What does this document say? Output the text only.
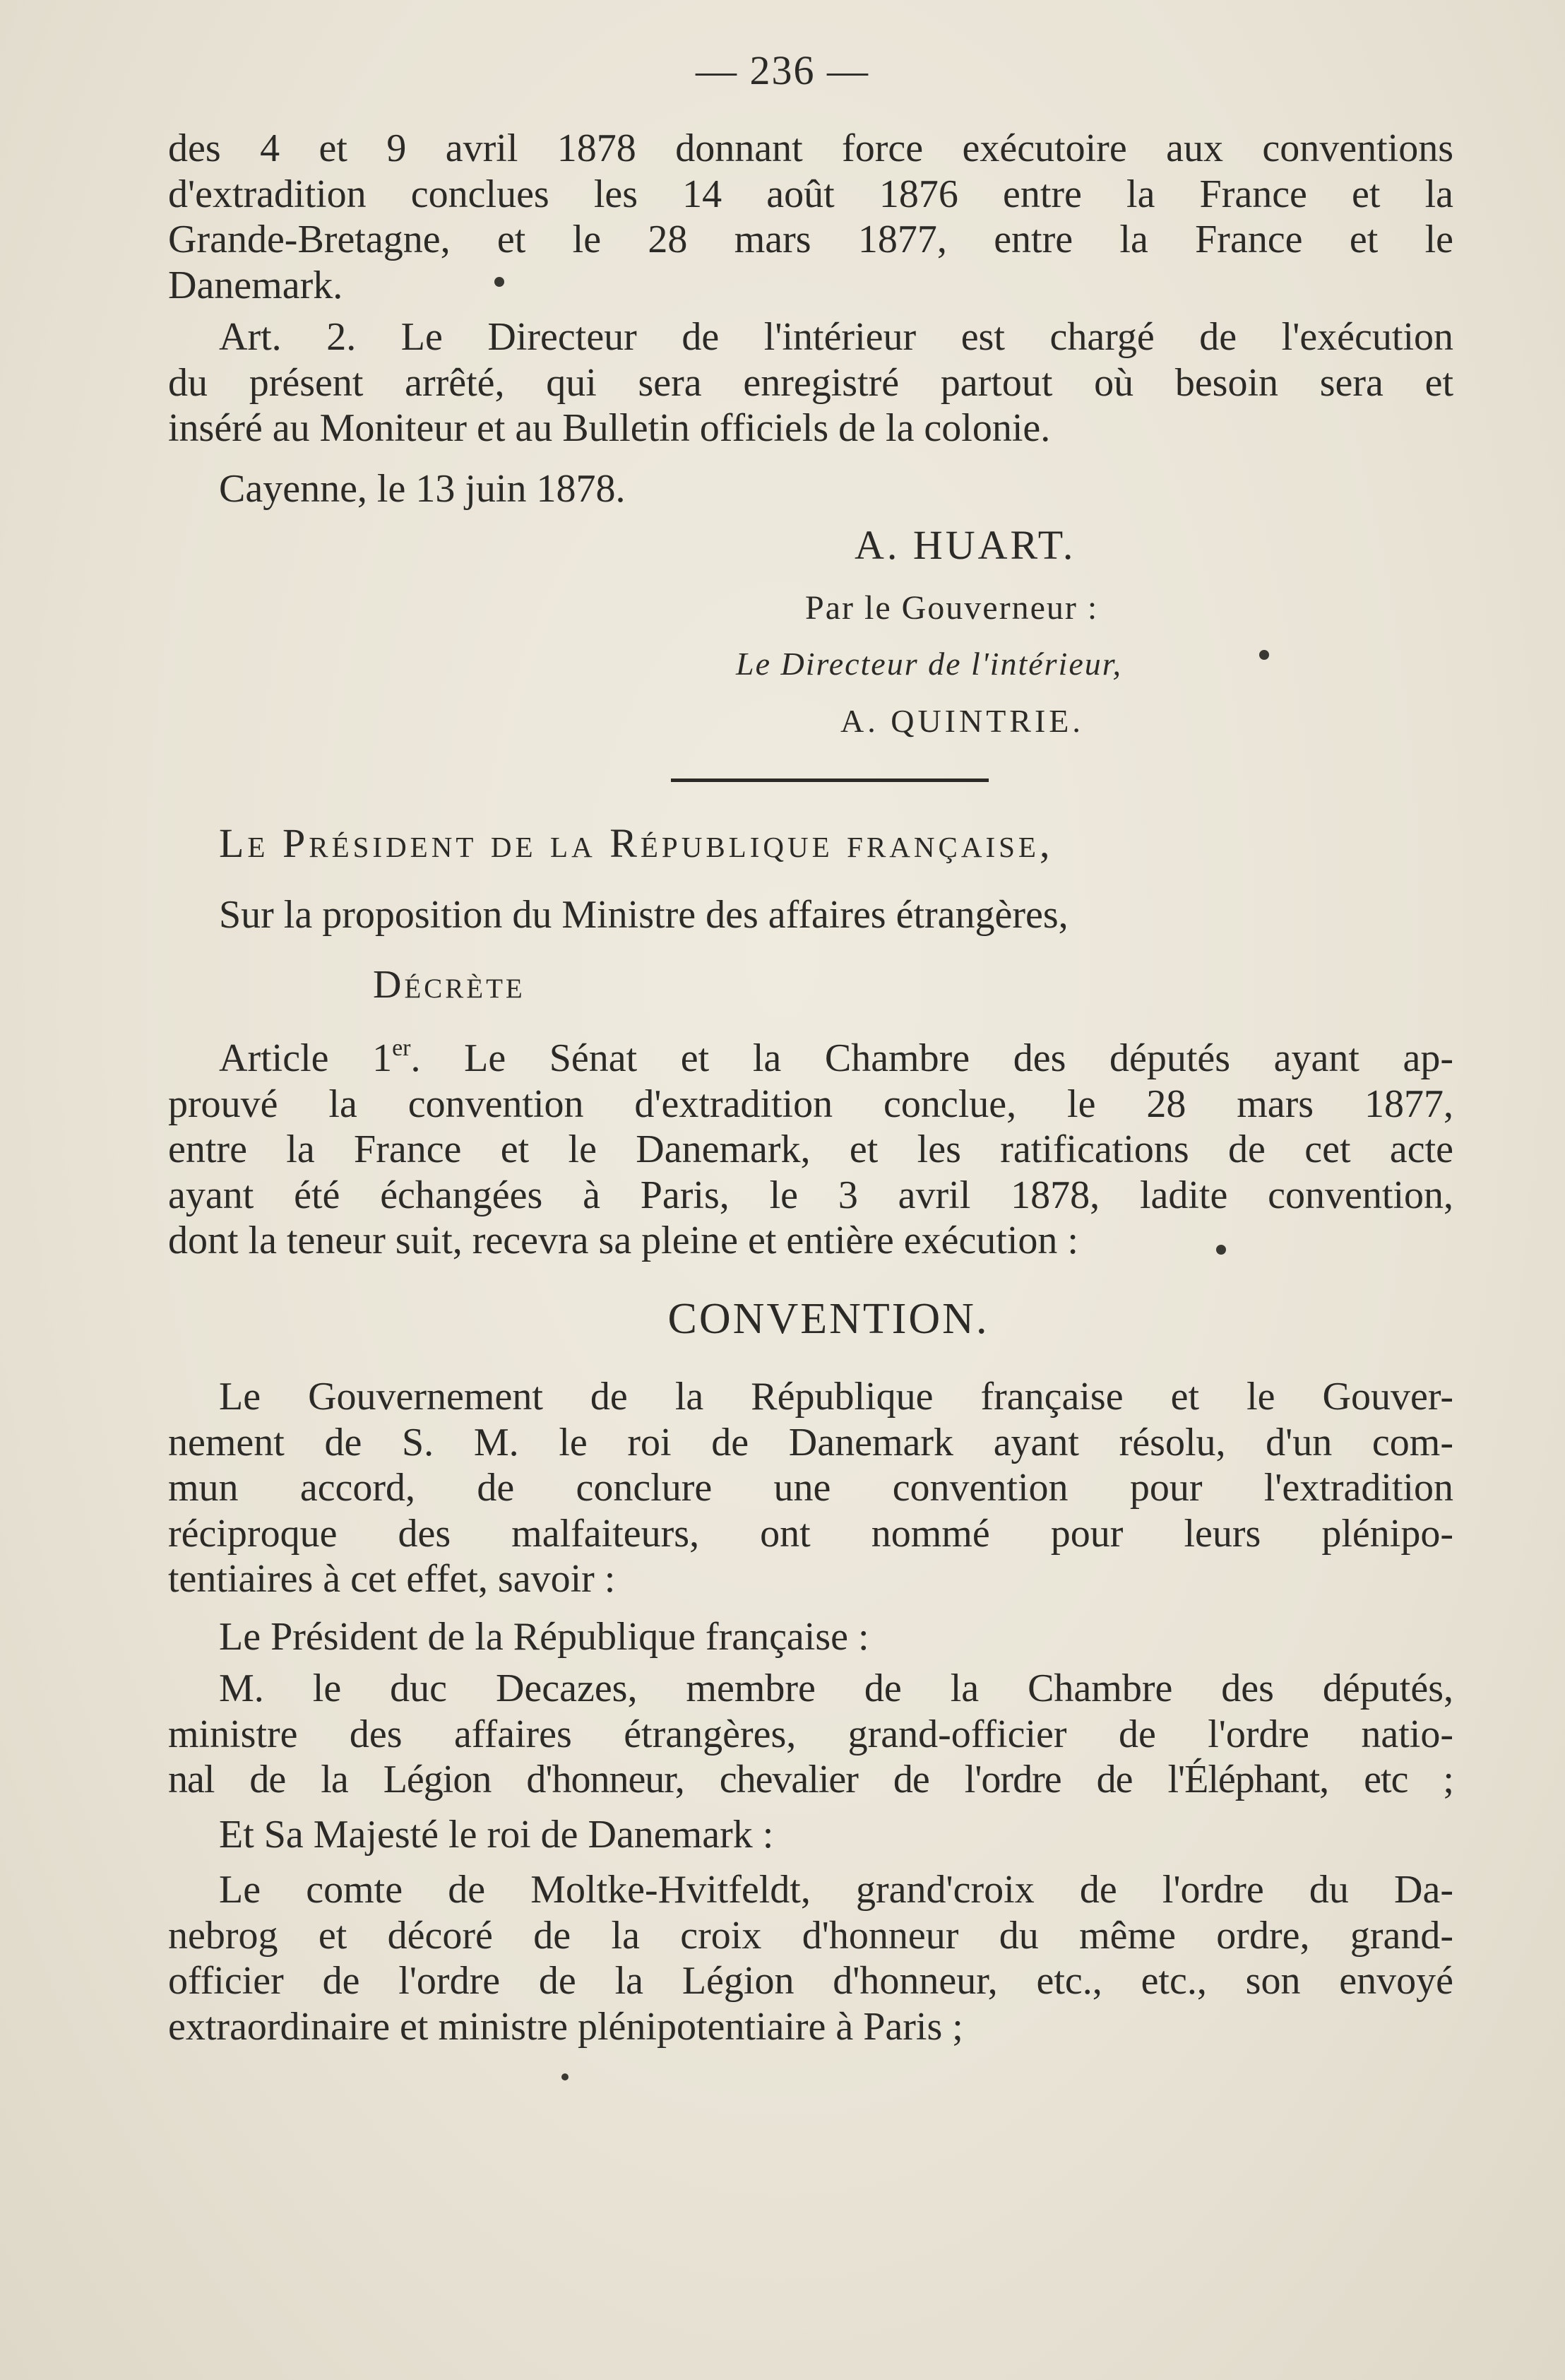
— 236 —
des 4 et 9 avril 1878 donnant force exécutoire aux conventions
d'extradition conclues les 14 août 1876 entre la France et la
Grande-Bretagne, et le 28 mars 1877, entre la France et le
Danemark.
Art. 2. Le Directeur de l'intérieur est chargé de l'exécution
du présent arrêté, qui sera enregistré partout où besoin sera et
inséré au Moniteur et au Bulletin officiels de la colonie.
Cayenne, le 13 juin 1878.
A. HUART.
Par le Gouverneur :
Le Directeur de l'intérieur,
A. QUINTRIE.
Le Président de la République française,
Sur la proposition du Ministre des affaires étrangères,
Décrète
Article 1er. Le Sénat et la Chambre des députés ayant ap-
prouvé la convention d'extradition conclue, le 28 mars 1877,
entre la France et le Danemark, et les ratifications de cet acte
ayant été échangées à Paris, le 3 avril 1878, ladite convention,
dont la teneur suit, recevra sa pleine et entière exécution :
CONVENTION.
Le Gouvernement de la République française et le Gouver-
nement de S. M. le roi de Danemark ayant résolu, d'un com-
mun accord, de conclure une convention pour l'extradition
réciproque des malfaiteurs, ont nommé pour leurs plénipo-
tentiaires à cet effet, savoir :
Le Président de la République française :
M. le duc Decazes, membre de la Chambre des députés,
ministre des affaires étrangères, grand-officier de l'ordre natio-
nal de la Légion d'honneur, chevalier de l'ordre de l'Éléphant, etc ;
Et Sa Majesté le roi de Danemark :
Le comte de Moltke-Hvitfeldt, grand'croix de l'ordre du Da-
nebrog et décoré de la croix d'honneur du même ordre, grand-
officier de l'ordre de la Légion d'honneur, etc., etc., son envoyé
extraordinaire et ministre plénipotentiaire à Paris ;
